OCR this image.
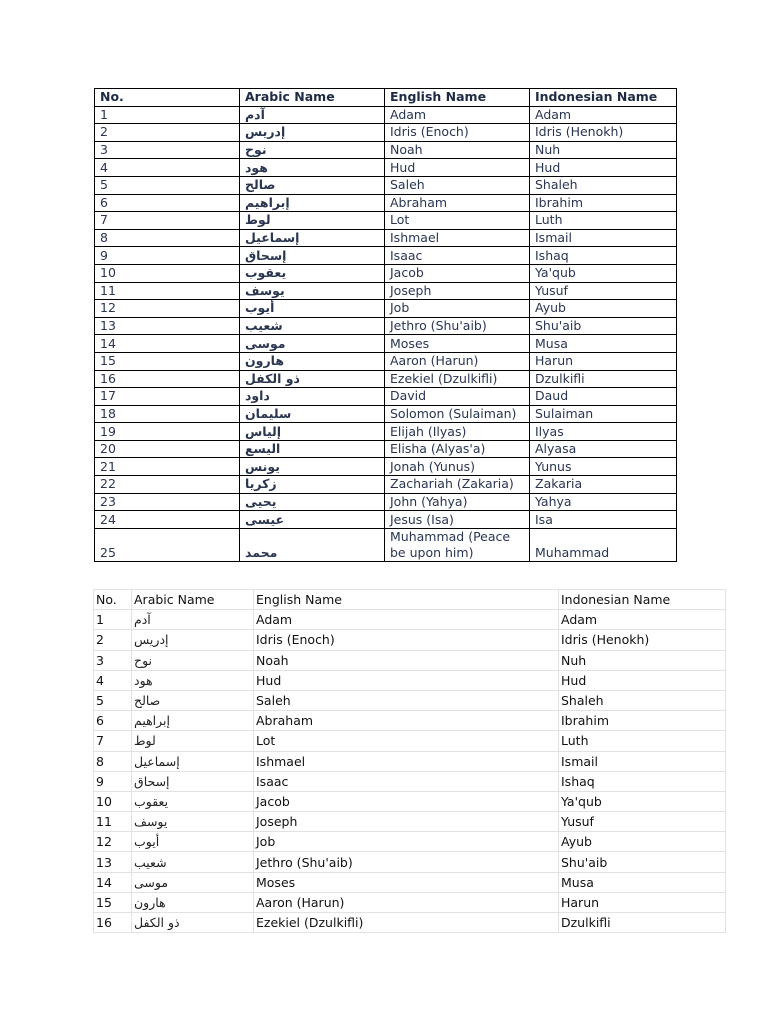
No.	Arabic Name	English Name	Indonesian Name
1	آدم	Adam	Adam
2	إدريس	Idris (Enoch)	Idris (Henokh)
3	نوح	Noah	Nuh
4	هود	Hud	Hud
5	صالح	Saleh	Shaleh
6	إبراهيم	Abraham	Ibrahim
7	لوط	Lot	Luth
8	إسماعيل	Ishmael	Ismail
9	إسحاق	Isaac	Ishaq
10	يعقوب	Jacob	Ya'qub
11	يوسف	Joseph	Yusuf
12	أيوب	Job	Ayub
13	شعيب	Jethro (Shu'aib)	Shu'aib
14	موسى	Moses	Musa
15	هارون	Aaron (Harun)	Harun
16	ذو الكفل	Ezekiel (Dzulkifli)	Dzulkifli
17	داود	David	Daud
18	سليمان	Solomon (Sulaiman)	Sulaiman
19	إلياس	Elijah (Ilyas)	Ilyas
20	اليسع	Elisha (Alyas'a)	Alyasa
21	يونس	Jonah (Yunus)	Yunus
22	زكريا	Zachariah (Zakaria)	Zakaria
23	يحيى	John (Yahya)	Yahya
24	عيسى	Jesus (Isa)	Isa
25	محمد	Muhammad (Peace be upon him)	Muhammad
No.	Arabic Name	English Name	Indonesian Name
1	آدم	Adam	Adam
2	إدريس	Idris (Enoch)	Idris (Henokh)
3	نوح	Noah	Nuh
4	هود	Hud	Hud
5	صالح	Saleh	Shaleh
6	إبراهيم	Abraham	Ibrahim
7	لوط	Lot	Luth
8	إسماعيل	Ishmael	Ismail
9	إسحاق	Isaac	Ishaq
10	يعقوب	Jacob	Ya'qub
11	يوسف	Joseph	Yusuf
12	أيوب	Job	Ayub
13	شعيب	Jethro (Shu'aib)	Shu'aib
14	موسى	Moses	Musa
15	هارون	Aaron (Harun)	Harun
16	ذو الكفل	Ezekiel (Dzulkifli)	Dzulkifli
